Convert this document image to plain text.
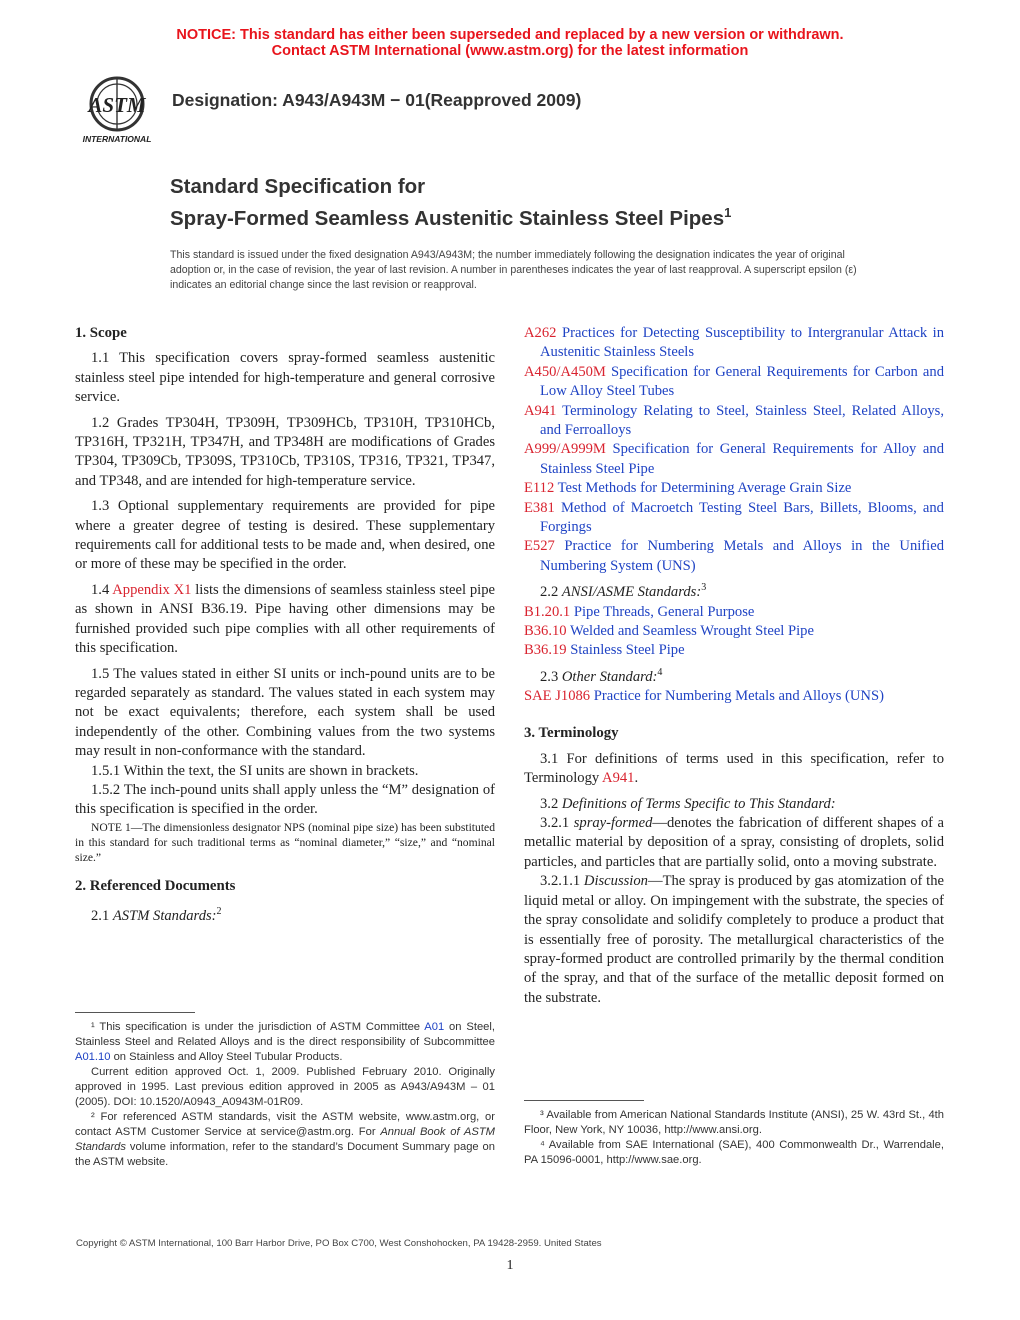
NOTICE: This standard has either been superseded and replaced by a new version or withdrawn.
Contact ASTM International (www.astm.org) for the latest information
ASTM
INTERNATIONAL
Designation: A943/A943M − 01(Reapproved 2009)
Standard Specification for
Spray-Formed Seamless Austenitic Stainless Steel Pipes$^1$
This standard is issued under the fixed designation A943/A943M; the number immediately following the designation indicates the year of original adoption or, in the case of revision, the year of last revision. A number in parentheses indicates the year of last reapproval. A superscript epsilon (ε) indicates an editorial change since the last revision or reapproval.

1. Scope

1.1 This specification covers spray-formed seamless austenitic stainless steel pipe intended for high-temperature and general corrosive service.

1.2 Grades TP304H, TP309H, TP309HCb, TP310H, TP310HCb, TP316H, TP321H, TP347H, and TP348H are modifications of Grades TP304, TP309Cb, TP309S, TP310Cb, TP310S, TP316, TP321, TP347, and TP348, and are intended for high-temperature service.

1.3 Optional supplementary requirements are provided for pipe where a greater degree of testing is desired. These supplementary requirements call for additional tests to be made and, when desired, one or more of these may be specified in the order.

1.4 Appendix X1 lists the dimensions of seamless stainless steel pipe as shown in ANSI B36.19. Pipe having other dimensions may be furnished provided such pipe complies with all other requirements of this specification.

1.5 The values stated in either SI units or inch-pound units are to be regarded separately as standard. The values stated in each system may not be exact equivalents; therefore, each system shall be used independently of the other. Combining values from the two systems may result in non-conformance with the standard.

1.5.1 Within the text, the SI units are shown in brackets.

1.5.2 The inch-pound units shall apply unless the “M” designation of this specification is specified in the order.

NOTE 1—The dimensionless designator NPS (nominal pipe size) has been substituted in this standard for such traditional terms as “nominal diameter,” “size,” and “nominal size.”

2. Referenced Documents

2.1 ASTM Standards:$^2$

¹ This specification is under the jurisdiction of ASTM Committee A01 on Steel, Stainless Steel and Related Alloys and is the direct responsibility of Subcommittee A01.10 on Stainless and Alloy Steel Tubular Products.

Current edition approved Oct. 1, 2009. Published February 2010. Originally approved in 1995. Last previous edition approved in 2005 as A943/A943M – 01 (2005). DOI: 10.1520/A0943_A0943M-01R09.

² For referenced ASTM standards, visit the ASTM website, www.astm.org, or contact ASTM Customer Service at service@astm.org. For Annual Book of ASTM Standards volume information, refer to the standard’s Document Summary page on the ASTM website.

A262 Practices for Detecting Susceptibility to Intergranular Attack in Austenitic Stainless Steels

A450/A450M Specification for General Requirements for Carbon and Low Alloy Steel Tubes

A941 Terminology Relating to Steel, Stainless Steel, Related Alloys, and Ferroalloys

A999/A999M Specification for General Requirements for Alloy and Stainless Steel Pipe

E112 Test Methods for Determining Average Grain Size

E381 Method of Macroetch Testing Steel Bars, Billets, Blooms, and Forgings

E527 Practice for Numbering Metals and Alloys in the Unified Numbering System (UNS)

2.2 ANSI/ASME Standards:$^3$

B1.20.1 Pipe Threads, General Purpose

B36.10 Welded and Seamless Wrought Steel Pipe

B36.19 Stainless Steel Pipe

2.3 Other Standard:$^4$

SAE J1086 Practice for Numbering Metals and Alloys (UNS)

3. Terminology

3.1 For definitions of terms used in this specification, refer to Terminology A941.

3.2 Definitions of Terms Specific to This Standard:

3.2.1 spray-formed—denotes the fabrication of different shapes of a metallic material by deposition of a spray, consisting of droplets, solid particles, and particles that are partially solid, onto a moving substrate.

3.2.1.1 Discussion—The spray is produced by gas atomization of the liquid metal or alloy. On impingement with the substrate, the species of the spray consolidate and solidify completely to produce a product that is essentially free of porosity. The metallurgical characteristics of the spray-formed product are controlled primarily by the thermal condition of the spray, and that of the surface of the metallic deposit formed on the substrate.

³ Available from American National Standards Institute (ANSI), 25 W. 43rd St., 4th Floor, New York, NY 10036, http://www.ansi.org.

⁴ Available from SAE International (SAE), 400 Commonwealth Dr., Warrendale, PA 15096-0001, http://www.sae.org.

Copyright © ASTM International, 100 Barr Harbor Drive, PO Box C700, West Conshohocken, PA 19428-2959. United States
1
